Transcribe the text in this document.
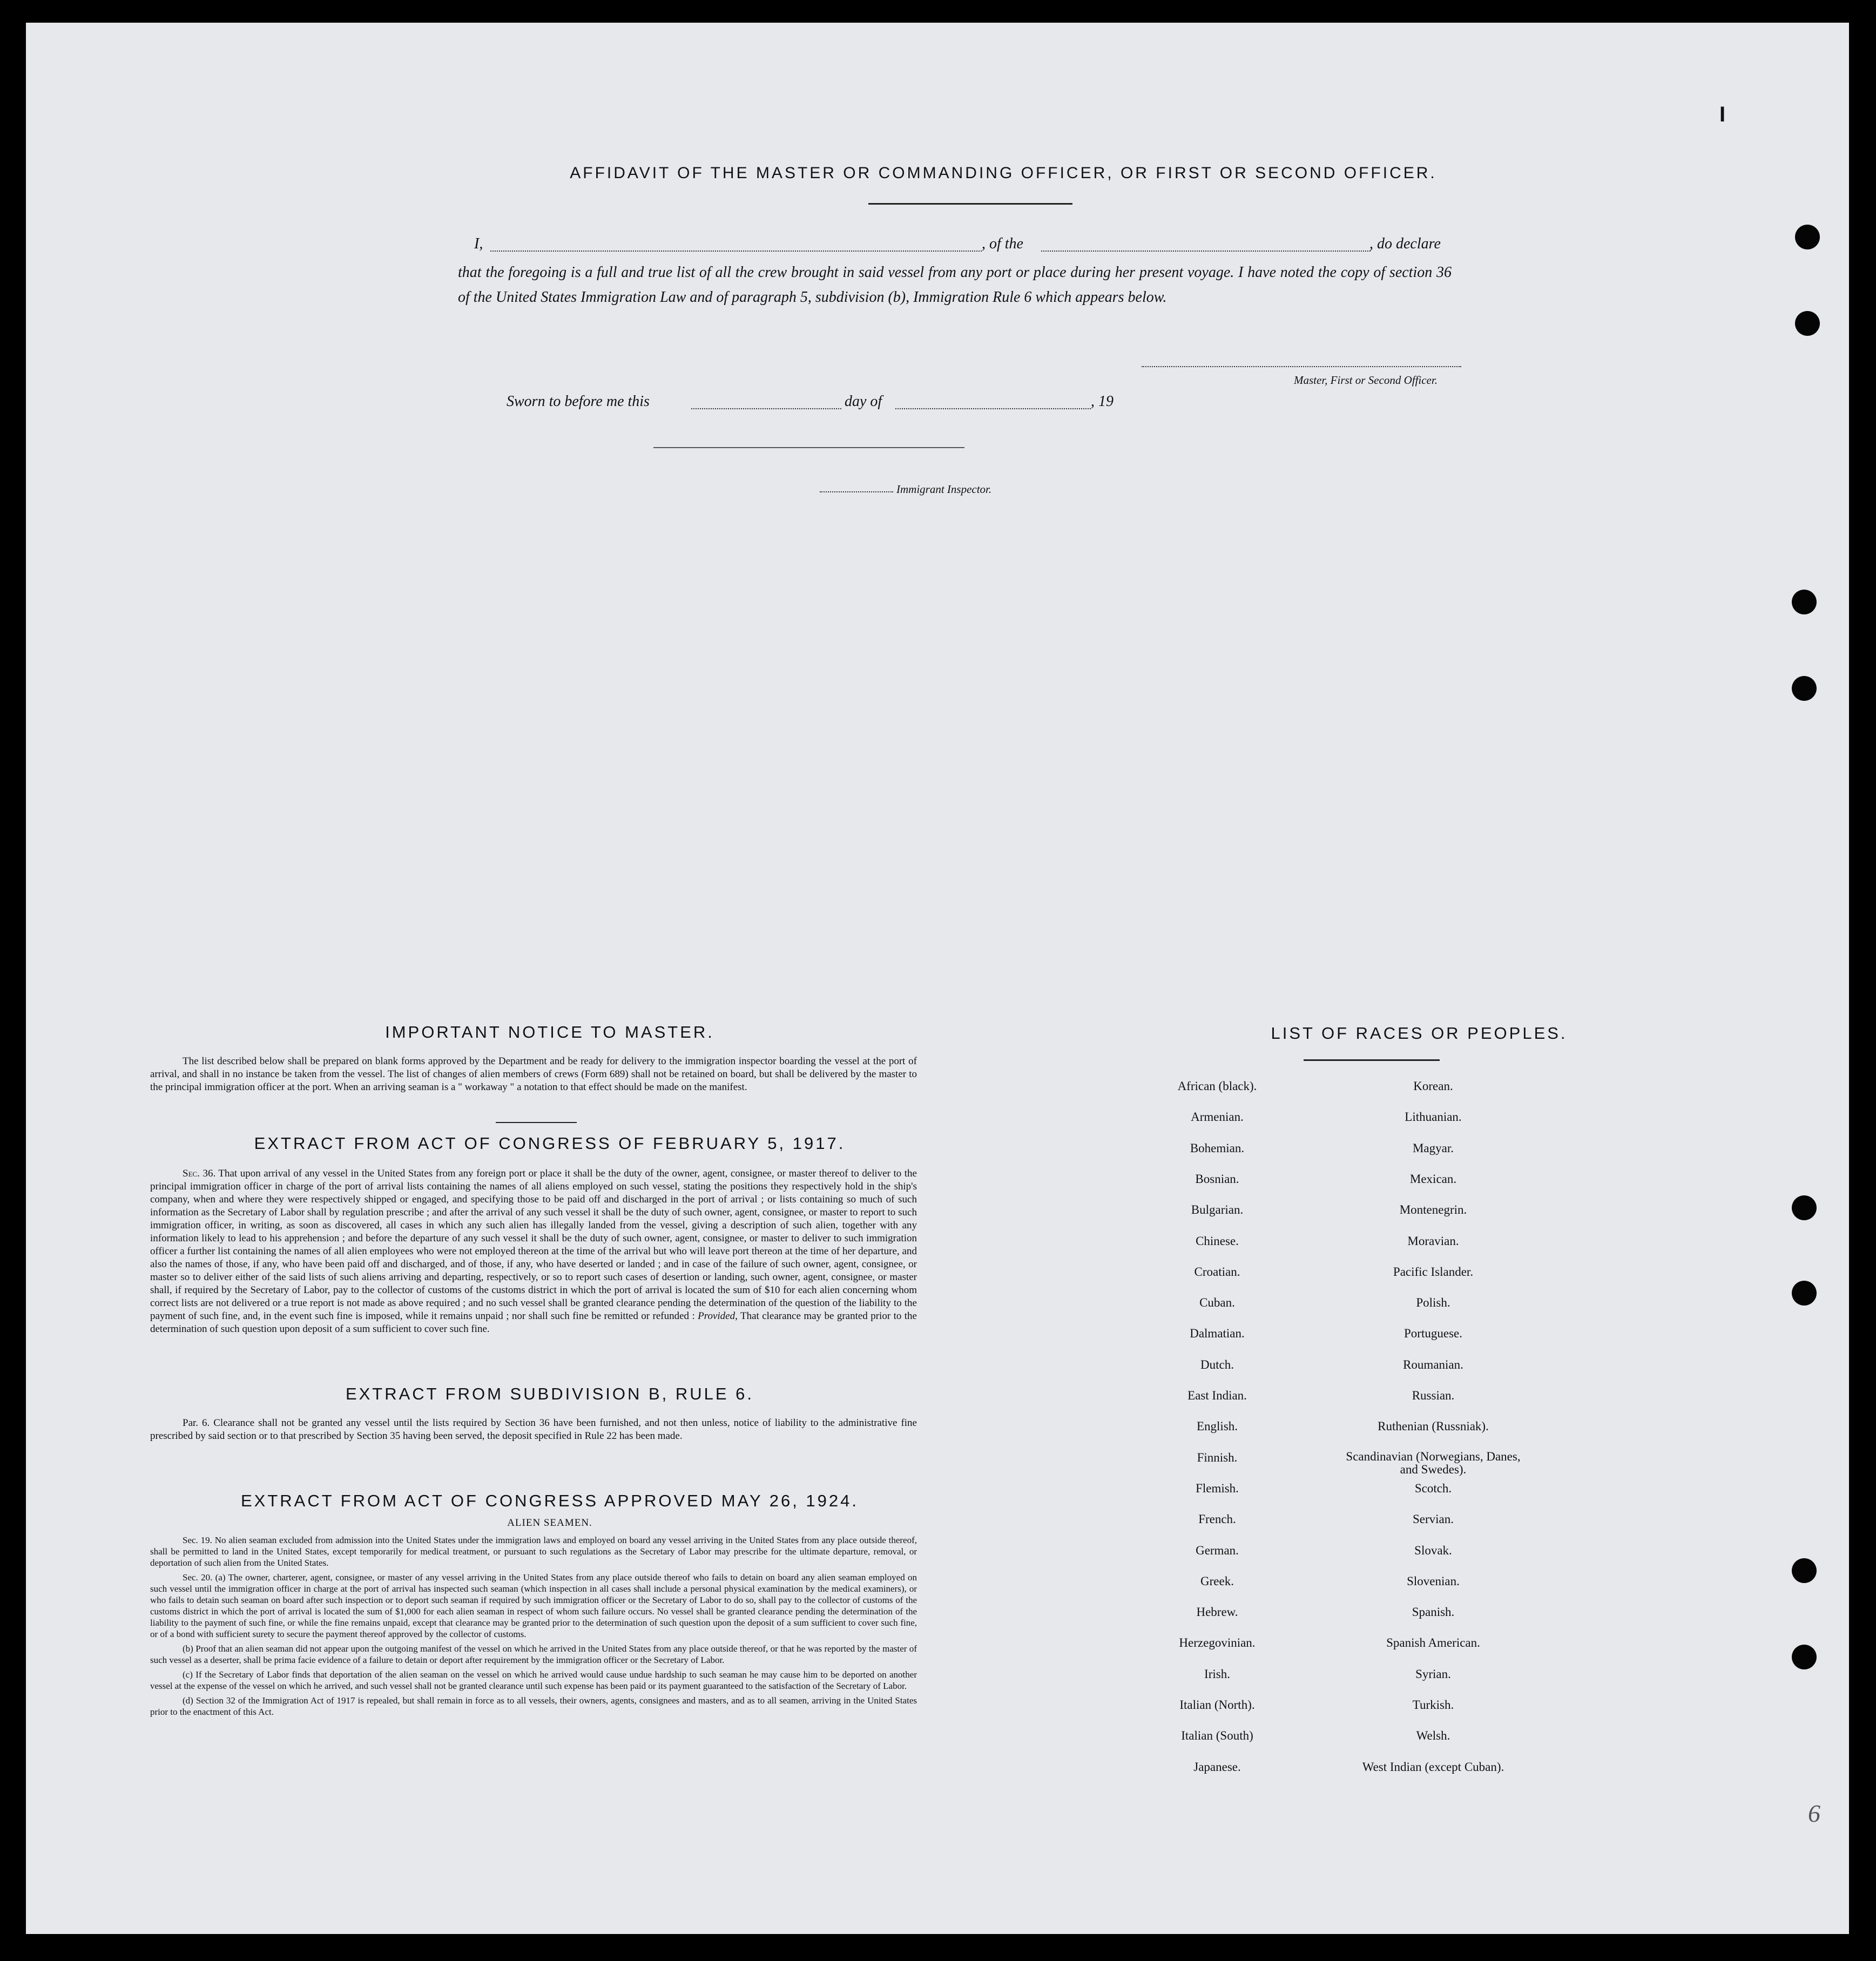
I
6
AFFIDAVIT OF THE MASTER OR COMMANDING OFFICER, OR FIRST OR SECOND OFFICER.
I,	, of the	, do declare
that the foregoing is a full and true list of all the crew brought in said vessel from any port or place during her present voyage. I have noted the copy of section 36 of the United States Immigration Law and of paragraph 5, subdivision (b), Immigration Rule 6 which appears below.
Master, First or Second Officer.
Sworn to before me this	day of	, 19
Immigrant Inspector.
IMPORTANT NOTICE TO MASTER.
The list described below shall be prepared on blank forms approved by the Department and be ready for delivery to the immigration inspector boarding the vessel at the port of arrival, and shall in no instance be taken from the vessel. The list of changes of alien members of crews (Form 689) shall not be retained on board, but shall be delivered by the master to the principal immigration officer at the port. When an arriving seaman is a " workaway " a notation to that effect should be made on the manifest.
EXTRACT FROM ACT OF CONGRESS OF FEBRUARY 5, 1917.
Sec. 36. That upon arrival of any vessel in the United States from any foreign port or place it shall be the duty of the owner, agent, consignee, or master thereof to deliver to the principal immigration officer in charge of the port of arrival lists containing the names of all aliens employed on such vessel, stating the positions they respectively hold in the ship's company, when and where they were respectively shipped or engaged, and specifying those to be paid off and discharged in the port of arrival ; or lists containing so much of such information as the Secretary of Labor shall by regulation prescribe ; and after the arrival of any such vessel it shall be the duty of such owner, agent, consignee, or master to report to such immigration officer, in writing, as soon as discovered, all cases in which any such alien has illegally landed from the vessel, giving a description of such alien, together with any information likely to lead to his apprehension ; and before the departure of any such vessel it shall be the duty of such owner, agent, consignee, or master to deliver to such immigration officer a further list containing the names of all alien employees who were not employed thereon at the time of the arrival but who will leave port thereon at the time of her departure, and also the names of those, if any, who have been paid off and discharged, and of those, if any, who have deserted or landed ; and in case of the failure of such owner, agent, consignee, or master so to deliver either of the said lists of such aliens arriving and departing, respectively, or so to report such cases of desertion or landing, such owner, agent, consignee, or master shall, if required by the Secretary of Labor, pay to the collector of customs of the customs district in which the port of arrival is located the sum of $10 for each alien concerning whom correct lists are not delivered or a true report is not made as above required ; and no such vessel shall be granted clearance pending the determination of the question of the liability to the payment of such fine, and, in the event such fine is imposed, while it remains unpaid ; nor shall such fine be remitted or refunded : Provided, That clearance may be granted prior to the determination of such question upon deposit of a sum sufficient to cover such fine.
EXTRACT FROM SUBDIVISION B, RULE 6.
Par. 6. Clearance shall not be granted any vessel until the lists required by Section 36 have been furnished, and not then unless, notice of liability to the administrative fine prescribed by said section or to that prescribed by Section 35 having been served, the deposit specified in Rule 22 has been made.
EXTRACT FROM ACT OF CONGRESS APPROVED MAY 26, 1924.
ALIEN SEAMEN.

Sec. 19. No alien seaman excluded from admission into the United States under the immigration laws and employed on board any vessel arriving in the United States from any place outside thereof, shall be permitted to land in the United States, except temporarily for medical treatment, or pursuant to such regulations as the Secretary of Labor may prescribe for the ultimate departure, removal, or deportation of such alien from the United States.

Sec. 20. (a) The owner, charterer, agent, consignee, or master of any vessel arriving in the United States from any place outside thereof who fails to detain on board any alien seaman employed on such vessel until the immigration officer in charge at the port of arrival has inspected such seaman (which inspection in all cases shall include a personal physical examination by the medical examiners), or who fails to detain such seaman on board after such inspection or to deport such seaman if required by such immigration officer or the Secretary of Labor to do so, shall pay to the collector of customs of the customs district in which the port of arrival is located the sum of $1,000 for each alien seaman in respect of whom such failure occurs. No vessel shall be granted clearance pending the determination of the liability to the payment of such fine, or while the fine remains unpaid, except that clearance may be granted prior to the determination of such question upon the deposit of a sum sufficient to cover such fine, or of a bond with sufficient surety to secure the payment thereof approved by the collector of customs.

(b) Proof that an alien seaman did not appear upon the outgoing manifest of the vessel on which he arrived in the United States from any place outside thereof, or that he was reported by the master of such vessel as a deserter, shall be prima facie evidence of a failure to detain or deport after requirement by the immigration officer or the Secretary of Labor.

(c) If the Secretary of Labor finds that deportation of the alien seaman on the vessel on which he arrived would cause undue hardship to such seaman he may cause him to be deported on another vessel at the expense of the vessel on which he arrived, and such vessel shall not be granted clearance until such expense has been paid or its payment guaranteed to the satisfaction of the Secretary of Labor.

(d) Section 32 of the Immigration Act of 1917 is repealed, but shall remain in force as to all vessels, their owners, agents, consignees and masters, and as to all seamen, arriving in the United States prior to the enactment of this Act.

LIST OF RACES OR PEOPLES.
African (black).
Armenian.
Bohemian.
Bosnian.
Bulgarian.
Chinese.
Croatian.
Cuban.
Dalmatian.
Dutch.
East Indian.
English.
Finnish.
Flemish.
French.
German.
Greek.
Hebrew.
Herzegovinian.
Irish.
Italian (North).
Italian (South)
Japanese.
Korean.
Lithuanian.
Magyar.
Mexican.
Montenegrin.
Moravian.
Pacific Islander.
Polish.
Portuguese.
Roumanian.
Russian.
Ruthenian (Russniak).
Scandinavian (Norwegians, Danes, and Swedes).
Scotch.
Servian.
Slovak.
Slovenian.
Spanish.
Spanish American.
Syrian.
Turkish.
Welsh.
West Indian (except Cuban).
